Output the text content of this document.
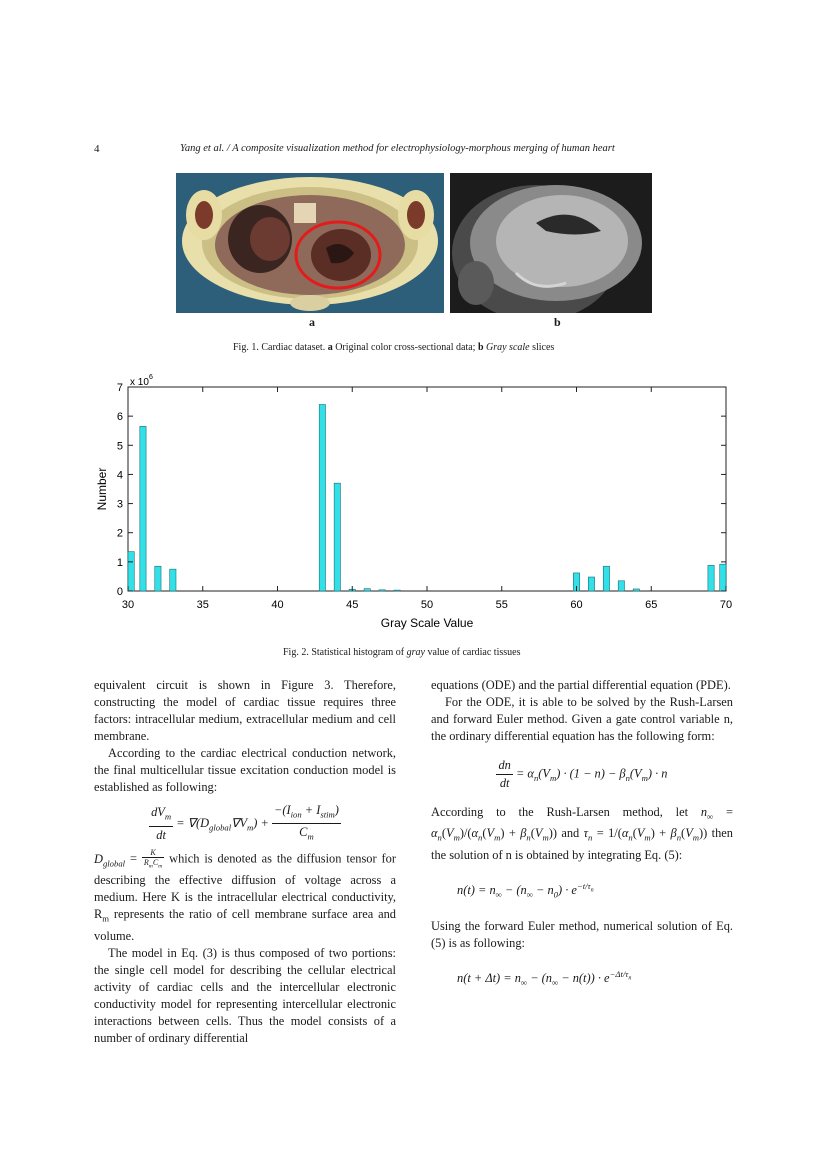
4	Yang et al. / A composite visualization method for electrophysiology-morphous merging of human heart
a	b
Fig. 1. Cardiac dataset. a Original color cross-sectional data; b Gray scale slices
x 10 6
Gray Scale Value
Number
30	35	40	45	50	55	60	65	70
0
1
2
3
4
5
6
7
Fig. 2. Statistical histogram of gray value of cardiac tissues

equivalent circuit is shown in Figure 3. Therefore, constructing the model of cardiac tissue requires three factors: intracellular medium, extracellular medium and cell membrane.

According to the cardiac electrical conduction network, the final multicellular tissue excitation conduction model is established as following:

$\frac{dV_m}{dt} = \nabla(D_{global}\nabla V_m) + \frac{-(I_{ion} + I_{stim})}{C_m}$

$D_{global} = \frac{K}{R_mC_m}$ which is denoted as the diffusion tensor for describing the effective diffusion of voltage across a medium. Here K is the intracellular electrical conductivity, $R_m$ represents the ratio of cell membrane surface area and volume.

The model in Eq. (3) is thus composed of two portions: the single cell model for describing the cellular electrical activity of cardiac cells and the intercellular electronic conductivity model for representing intercellular electronic interactions between cells. Thus the model consists of a number of ordinary differential

equations (ODE) and the partial differential equation (PDE).

For the ODE, it is able to be solved by the Rush-Larsen and forward Euler method. Given a gate control variable n, the ordinary differential equation has the following form:

$\frac{dn}{dt} = \alpha_n(V_m) \cdot (1 - n) - \beta_n(V_m) \cdot n$

According to the Rush-Larsen method, let $n_\infty = \alpha_n(V_m)/(\alpha_n(V_m) + \beta_n(V_m))$ and $\tau_n = 1/(\alpha_n(V_m) + \beta_n(V_m))$ then the solution of n is obtained by integrating Eq. (5):

$n(t) = n_\infty - (n_\infty - n_0) \cdot e^{-t/\tau_n}$

Using the forward Euler method, numerical solution of Eq. (5) is as following:

$n(t + \Delta t) = n_\infty - (n_\infty - n(t)) \cdot e^{-\Delta t/\tau_n}$
